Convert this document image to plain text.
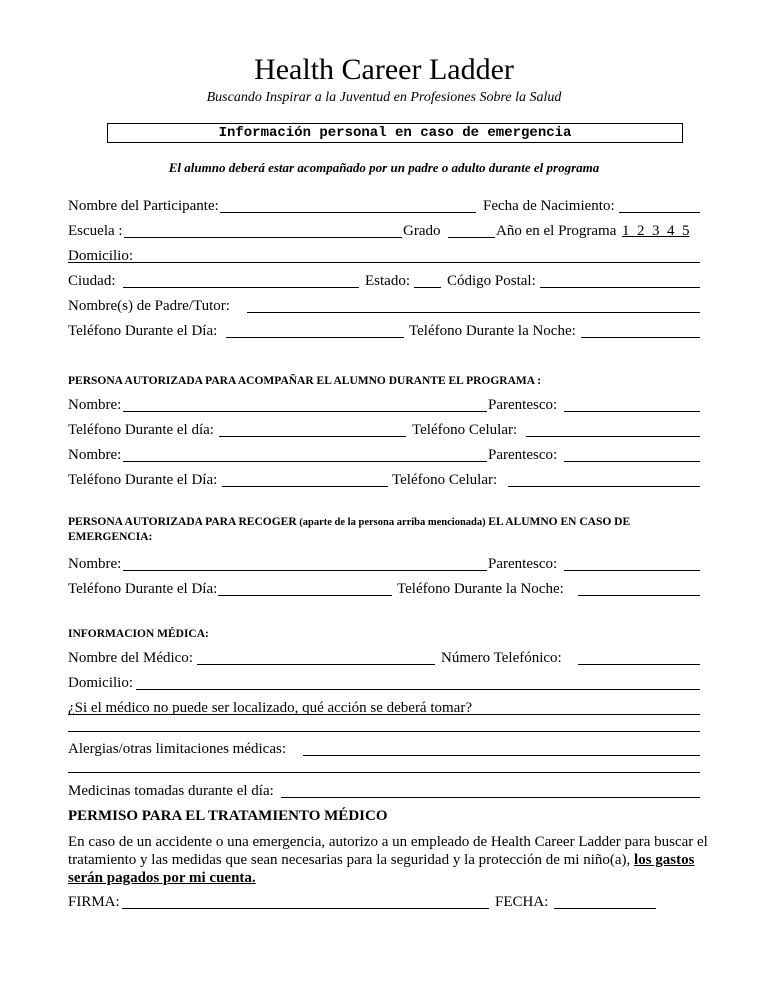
Health Career Ladder
Buscando Inspirar a la Juventud en Profesiones Sobre la Salud
Información personal en caso de emergencia
El alumno deberá estar acompañado por un padre o adulto durante el programa
Nombre del Participante:	Fecha de Nacimiento:
Escuela :	Grado	Año en el Programa 1  2  3  4  5
Domicilio:
Ciudad:	Estado: Código Postal:
Nombre(s) de Padre/Tutor:
Teléfono Durante el Día:	Teléfono Durante la Noche:
PERSONA AUTORIZADA PARA ACOMPAÑAR EL ALUMNO DURANTE EL PROGRAMA :
Nombre:	Parentesco:
Teléfono Durante el día:	Teléfono Celular:
Nombre:	Parentesco:
Teléfono Durante el Día:	Teléfono Celular:
PERSONA AUTORIZADA PARA RECOGER (aparte de la persona arriba mencionada) EL ALUMNO EN CASO DE
EMERGENCIA:
Nombre:	Parentesco:
Teléfono Durante el Día:	Teléfono Durante la Noche:
INFORMACION MÉDICA:
Nombre del Médico:	Número Telefónico:
Domicilio:
¿Si el médico no puede ser localizado, qué acción se deberá tomar?
Alergias/otras limitaciones médicas:
Medicinas tomadas durante el día:
PERMISO PARA EL TRATAMIENTO MÉDICO
En caso de un accidente o una emergencia, autorizo a un empleado de Health Career Ladder para buscar el tratamiento y las medidas que sean necesarias para la seguridad y la protección de mi niño(a), los gastos serán pagados por mi cuenta.
FIRMA:	FECHA:
